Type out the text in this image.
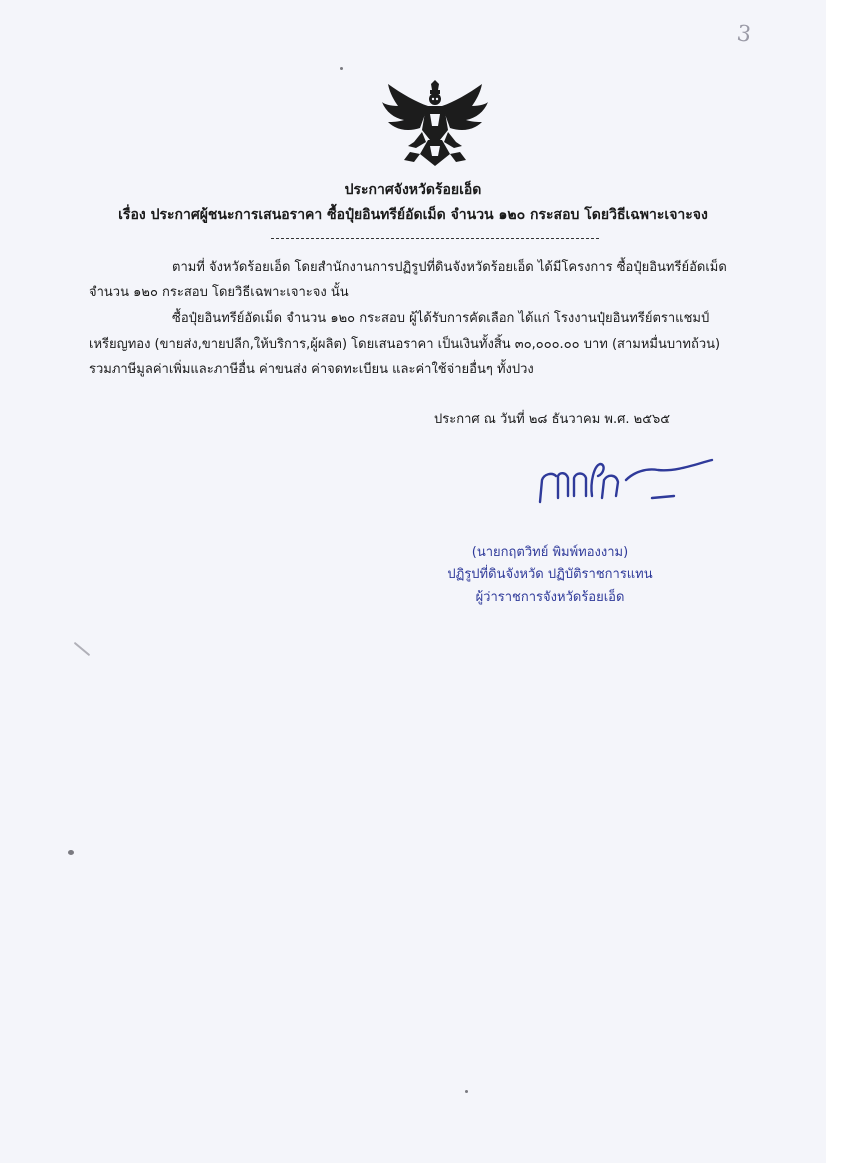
3
ประกาศจังหวัดร้อยเอ็ด
เรื่อง ประกาศผู้ชนะการเสนอราคา ซื้อปุ๋ยอินทรีย์อัดเม็ด จำนวน ๑๒๐ กระสอบ โดยวิธีเฉพาะเจาะจง
ตามที่ จังหวัดร้อยเอ็ด โดยสำนักงานการปฏิรูปที่ดินจังหวัดร้อยเอ็ด ได้มีโครงการ ซื้อปุ๋ยอินทรีย์อัดเม็ด
จำนวน ๑๒๐ กระสอบ โดยวิธีเฉพาะเจาะจง นั้น
ซื้อปุ๋ยอินทรีย์อัดเม็ด จำนวน ๑๒๐ กระสอบ ผู้ได้รับการคัดเลือก ได้แก่ โรงงานปุ๋ยอินทรีย์ตราแชมป์
เหรียญทอง (ขายส่ง,ขายปลีก,ให้บริการ,ผู้ผลิต) โดยเสนอราคา เป็นเงินทั้งสิ้น ๓๐,๐๐๐.๐๐ บาท (สามหมื่นบาทถ้วน)
รวมภาษีมูลค่าเพิ่มและภาษีอื่น ค่าขนส่ง ค่าจดทะเบียน และค่าใช้จ่ายอื่นๆ ทั้งปวง
ประกาศ ณ วันที่ ๒๘ ธันวาคม พ.ศ. ๒๕๖๕
(นายกฤตวิทย์ พิมพ์ทองงาม)
ปฏิรูปที่ดินจังหวัด ปฏิบัติราชการแทน
ผู้ว่าราชการจังหวัดร้อยเอ็ด
